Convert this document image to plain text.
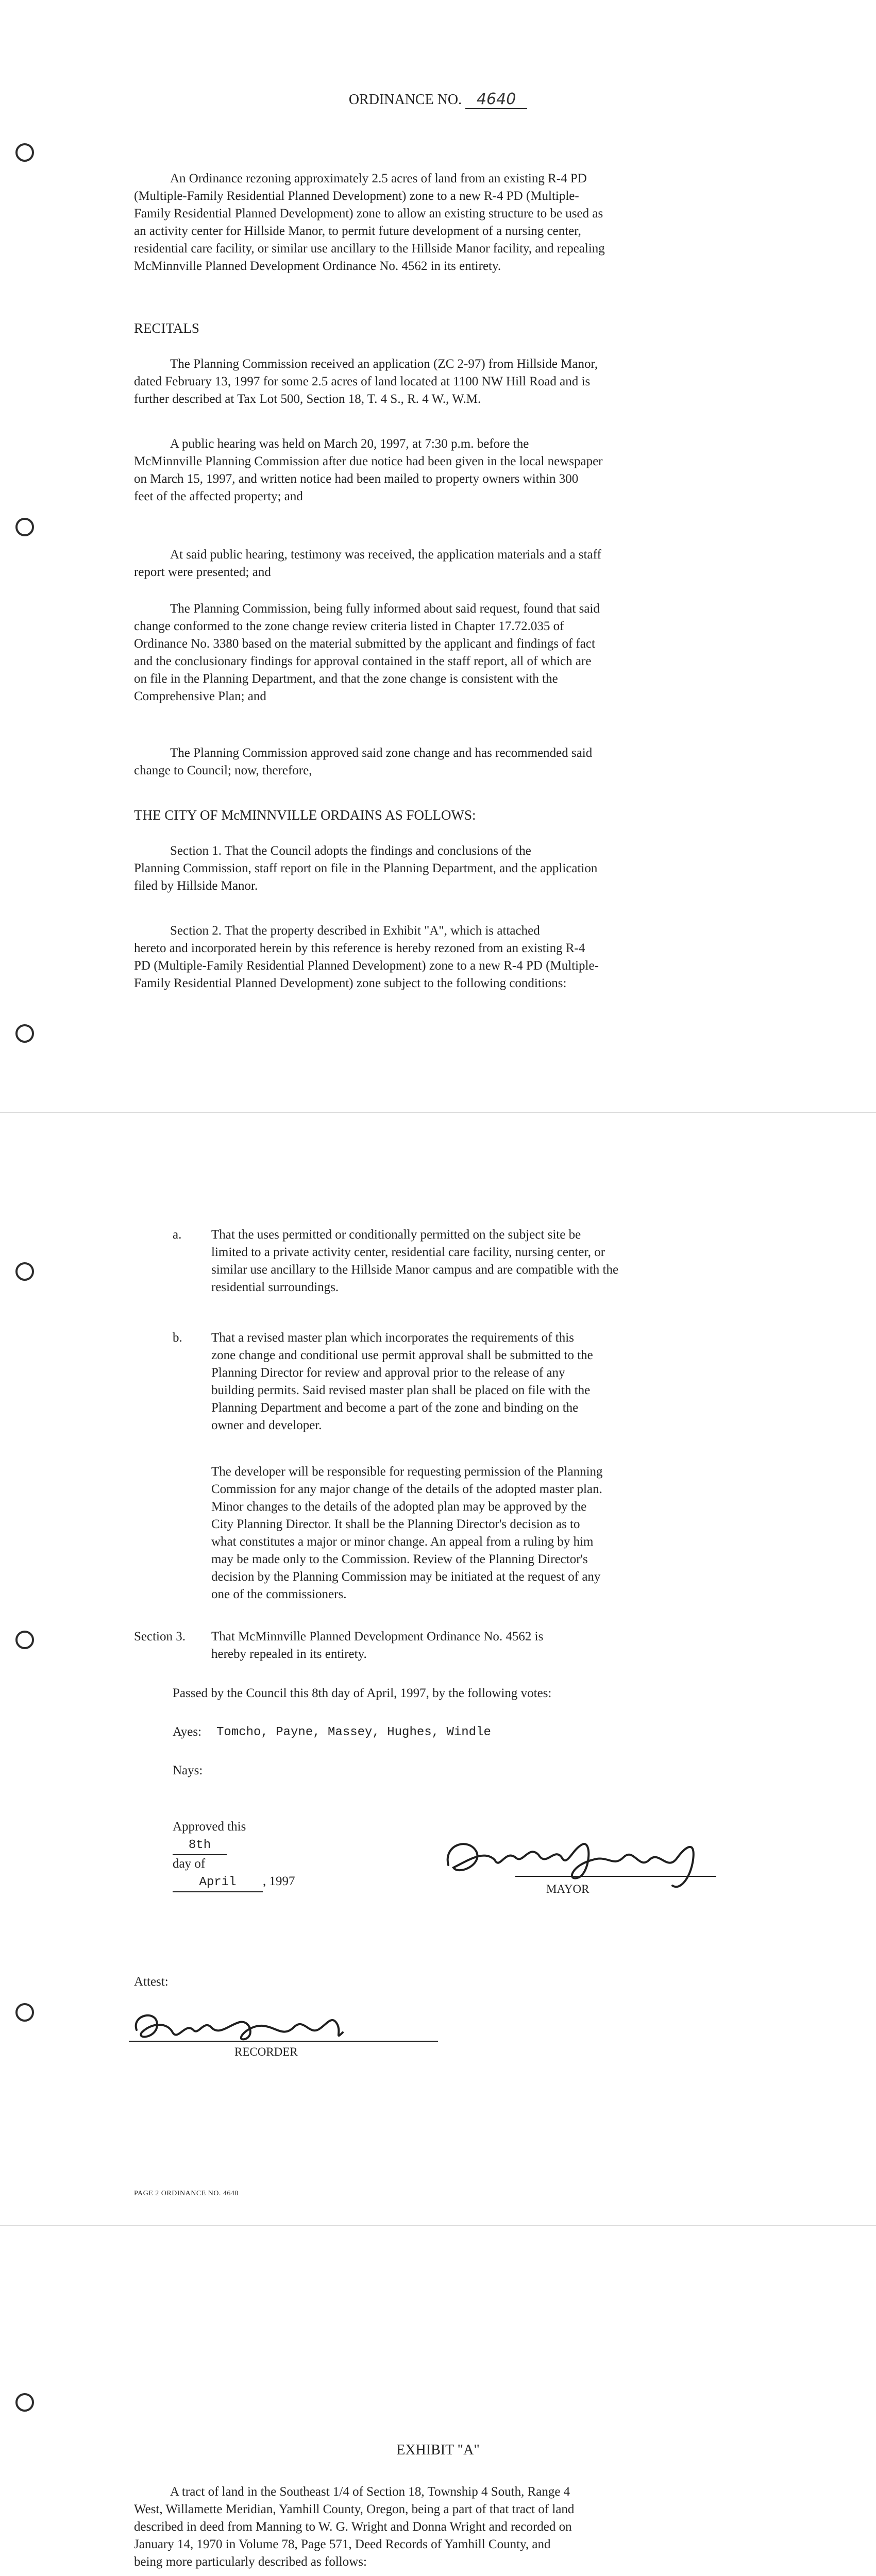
ORDINANCE NO. 4640
An Ordinance rezoning approximately 2.5 acres of land from an existing R-4 PD
(Multiple-Family Residential Planned Development) zone to a new R-4 PD (Multiple-
Family Residential Planned Development) zone to allow an existing structure to be used as
an activity center for Hillside Manor, to permit future development of a nursing center,
residential care facility, or similar use ancillary to the Hillside Manor facility, and repealing
McMinnville Planned Development Ordinance No. 4562 in its entirety.
RECITALS
The Planning Commission received an application (ZC 2-97) from Hillside Manor,
dated February 13, 1997 for some 2.5 acres of land located at 1100 NW Hill Road and is
further described at Tax Lot 500, Section 18, T. 4 S., R. 4 W., W.M.
A public hearing was held on March 20, 1997, at 7:30 p.m. before the
McMinnville Planning Commission after due notice had been given in the local newspaper
on March 15, 1997, and written notice had been mailed to property owners within 300
feet of the affected property; and
At said public hearing, testimony was received, the application materials and a staff
report were presented; and
The Planning Commission, being fully informed about said request, found that said
change conformed to the zone change review criteria listed in Chapter 17.72.035 of
Ordinance No. 3380 based on the material submitted by the applicant and findings of fact
and the conclusionary findings for approval contained in the staff report, all of which are
on file in the Planning Department, and that the zone change is consistent with the
Comprehensive Plan; and
The Planning Commission approved said zone change and has recommended said
change to Council; now, therefore,
THE CITY OF McMINNVILLE ORDAINS AS FOLLOWS:
Section 1. That the Council adopts the findings and conclusions of the
Planning Commission, staff report on file in the Planning Department, and the application
filed by Hillside Manor.
Section 2. That the property described in Exhibit "A", which is attached
hereto and incorporated herein by this reference is hereby rezoned from an existing R-4
PD (Multiple-Family Residential Planned Development) zone to a new R-4 PD (Multiple-
Family Residential Planned Development) zone subject to the following conditions:
a. That the uses permitted or conditionally permitted on the subject site be
limited to a private activity center, residential care facility, nursing center, or
similar use ancillary to the Hillside Manor campus and are compatible with the
residential surroundings.
b. That a revised master plan which incorporates the requirements of this
zone change and conditional use permit approval shall be submitted to the
Planning Director for review and approval prior to the release of any
building permits. Said revised master plan shall be placed on file with the
Planning Department and become a part of the zone and binding on the
owner and developer.
The developer will be responsible for requesting permission of the Planning
Commission for any major change of the details of the adopted master plan.
Minor changes to the details of the adopted plan may be approved by the
City Planning Director. It shall be the Planning Director's decision as to
what constitutes a major or minor change. An appeal from a ruling by him
may be made only to the Commission. Review of the Planning Director's
decision by the Planning Commission may be initiated at the request of any
one of the commissioners.
Section 3. That McMinnville Planned Development Ordinance No. 4562 is
hereby repealed in its entirety.
Passed by the Council this 8th day of April, 1997, by the following votes:
Ayes: Tomcho, Payne, Massey, Hughes, Windle
Nays:

Approved this
8th
day of
April , 1997

MAYOR
Attest:
RECORDER
PAGE 2 ORDINANCE NO. 4640
EXHIBIT "A"
A tract of land in the Southeast 1/4 of Section 18, Township 4 South, Range 4
West, Willamette Meridian, Yamhill County, Oregon, being a part of that tract of land
described in deed from Manning to W. G. Wright and Donna Wright and recorded on
January 14, 1970 in Volume 78, Page 571, Deed Records of Yamhill County, and
being more particularly described as follows:
